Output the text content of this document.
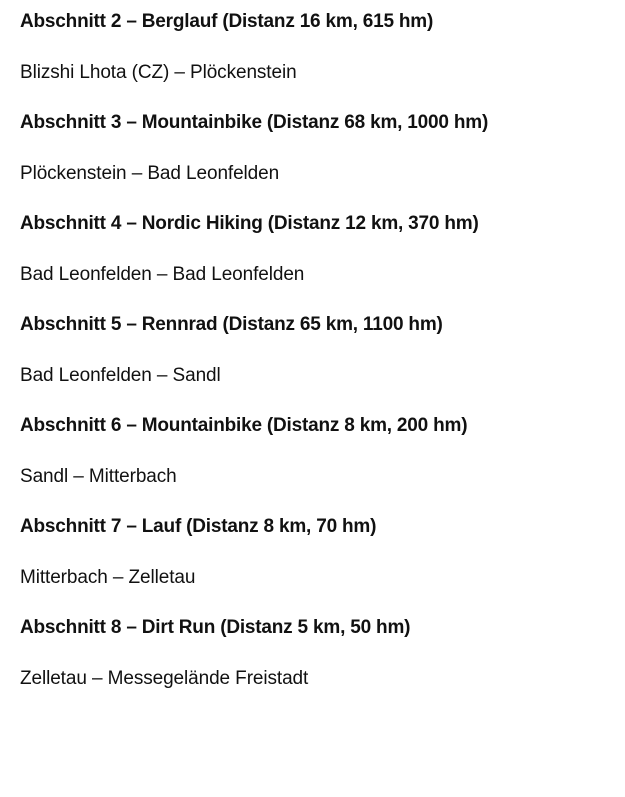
Abschnitt 2 – Berglauf (Distanz 16 km, 615 hm)
Blizshi Lhota (CZ) – Plöckenstein
Abschnitt 3 – Mountainbike (Distanz 68 km, 1000 hm)
Plöckenstein – Bad Leonfelden
Abschnitt 4 – Nordic Hiking (Distanz 12 km, 370 hm)
Bad Leonfelden – Bad Leonfelden
Abschnitt 5 – Rennrad (Distanz 65 km, 1100 hm)
Bad Leonfelden – Sandl
Abschnitt 6 – Mountainbike (Distanz 8 km, 200 hm)
Sandl – Mitterbach
Abschnitt 7 – Lauf (Distanz 8 km, 70 hm)
Mitterbach – Zelletau
Abschnitt 8 – Dirt Run (Distanz 5 km, 50 hm)
Zelletau – Messegelände Freistadt
